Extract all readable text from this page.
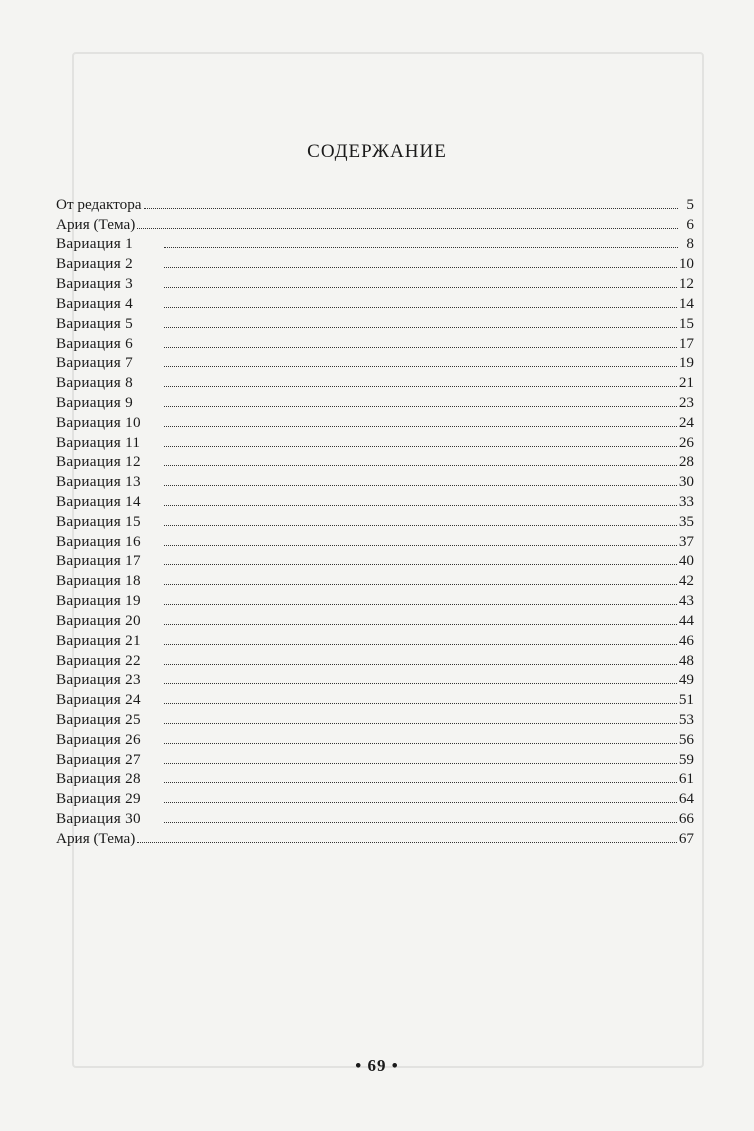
СОДЕРЖАНИЕ
От редактора	5
Ария (Тема)	6
Вариация 1	8
Вариация 2	10
Вариация 3	12
Вариация 4	14
Вариация 5	15
Вариация 6	17
Вариация 7	19
Вариация 8	21
Вариация 9	23
Вариация 10	24
Вариация 11	26
Вариация 12	28
Вариация 13	30
Вариация 14	33
Вариация 15	35
Вариация 16	37
Вариация 17	40
Вариация 18	42
Вариация 19	43
Вариация 20	44
Вариация 21	46
Вариация 22	48
Вариация 23	49
Вариация 24	51
Вариация 25	53
Вариация 26	56
Вариация 27	59
Вариация 28	61
Вариация 29	64
Вариация 30	66
Ария (Тема)	67
• 69 •
